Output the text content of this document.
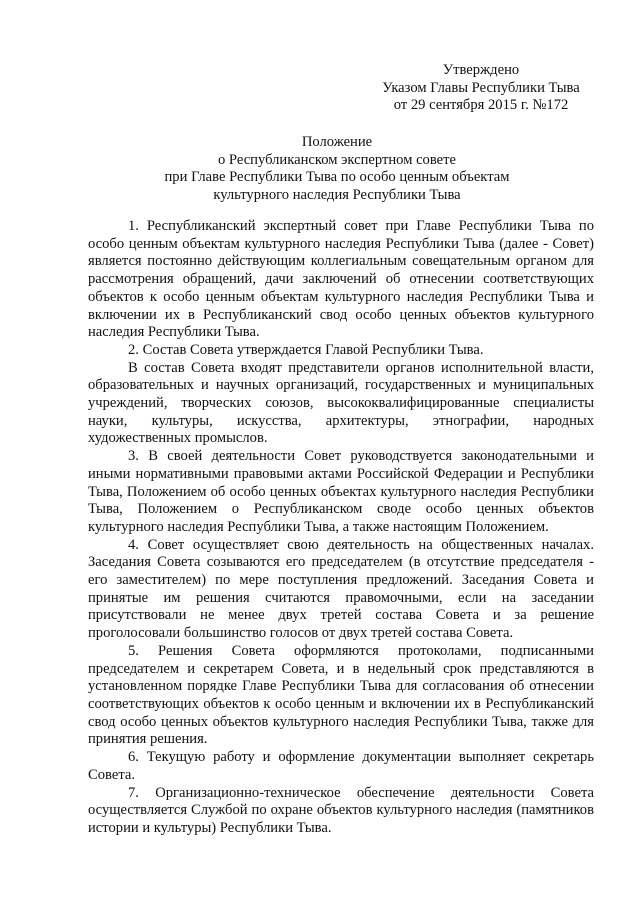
Утверждено
Указом Главы Республики Тыва
от 29 сентября 2015 г. №172
Положение
о Республиканском экспертном совете
при Главе Республики Тыва по особо ценным объектам
культурного наследия Республики Тыва

1. Республиканский экспертный совет при Главе Республики Тыва по особо ценным объектам культурного наследия Республики Тыва (далее - Совет) является постоянно действующим коллегиальным совещательным органом для рассмотрения обращений, дачи заключений об отнесении соответствующих объектов к особо ценным объектам культурного наследия Республики Тыва и включении их в Республиканский свод особо ценных объектов культурного наследия Республики Тыва.

2. Состав Совета утверждается Главой Республики Тыва.

В состав Совета входят представители органов исполнительной власти, образовательных и научных организаций, государственных и муниципальных учреждений, творческих союзов, высококвалифицированные специалисты науки, культуры, искусства, архитектуры, этнографии, народных художественных промыслов.

3. В своей деятельности Совет руководствуется законодательными и иными нормативными правовыми актами Российской Федерации и Республики Тыва, Положением об особо ценных объектах культурного наследия Республики Тыва, Положением о Республиканском своде особо ценных объектов культурного наследия Республики Тыва, а также настоящим Положением.

4. Совет осуществляет свою деятельность на общественных началах. Заседания Совета созываются его председателем (в отсутствие председателя - его заместителем) по мере поступления предложений. Заседания Совета и принятые им решения считаются правомочными, если на заседании присутствовали не менее двух третей состава Совета и за решение проголосовали большинство голосов от двух третей состава Совета.

5. Решения Совета оформляются протоколами, подписанными председателем и секретарем Совета, и в недельный срок представляются в установленном порядке Главе Республики Тыва для согласования об отнесении соответствующих объектов к особо ценным и включении их в Республиканский свод особо ценных объектов культурного наследия Республики Тыва, также для принятия решения.

6. Текущую работу и оформление документации выполняет секретарь Совета.

7. Организационно-техническое обеспечение деятельности Совета осуществляется Службой по охране объектов культурного наследия (памятников истории и культуры) Республики Тыва.
